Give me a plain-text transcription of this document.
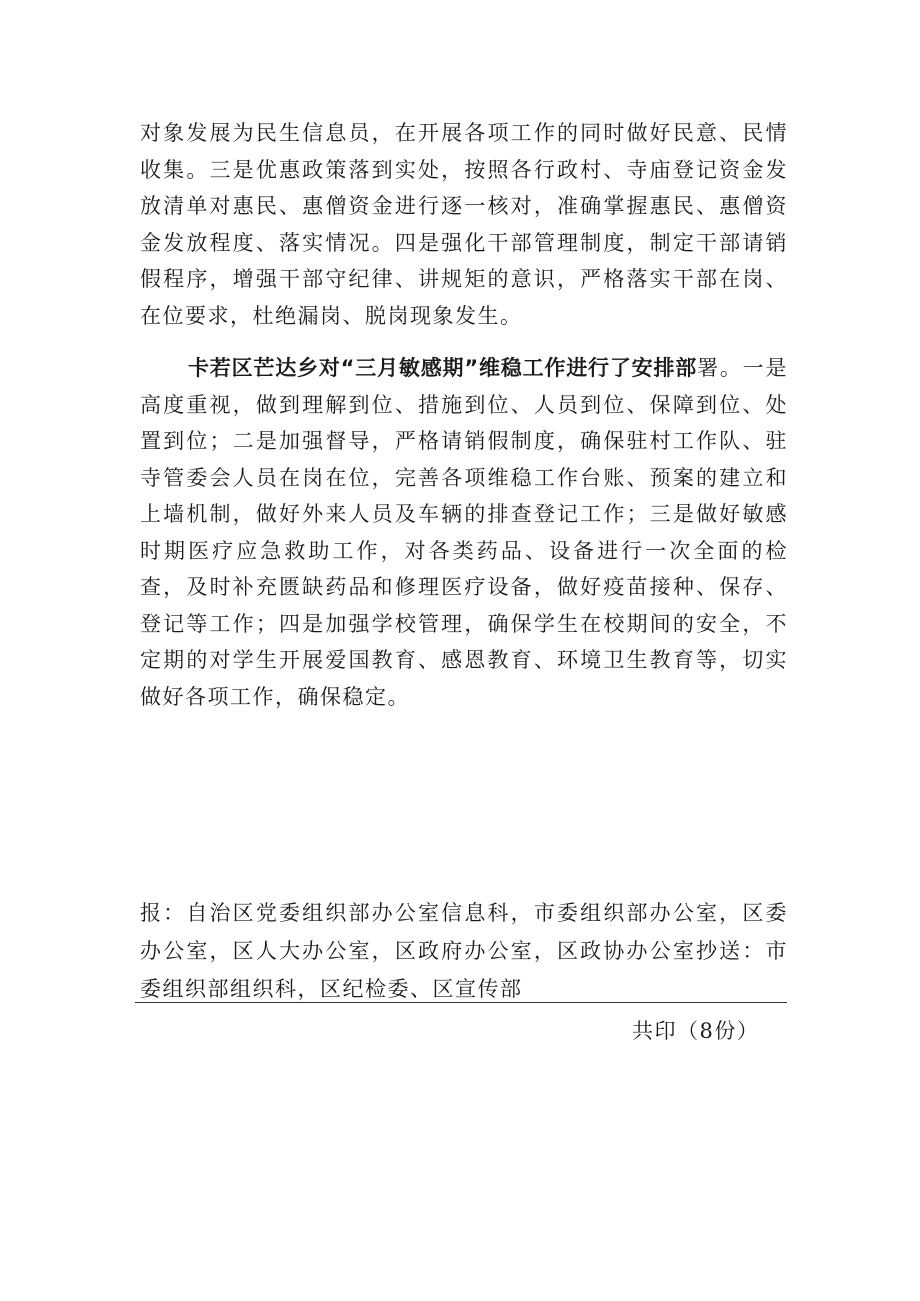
对象发展为民生信息员，在开展各项工作的同时做好民意、民情收集。三是优惠政策落到实处，按照各行政村、寺庙登记资金发放清单对惠民、惠僧资金进行逐一核对，准确掌握惠民、惠僧资金发放程度、落实情况。四是强化干部管理制度，制定干部请销假程序，增强干部守纪律、讲规矩的意识，严格落实干部在岗、在位要求，杜绝漏岗、脱岗现象发生。

卡若区芒达乡对“三月敏感期”维稳工作进行了安排部署。一是高度重视，做到理解到位、措施到位、人员到位、保障到位、处置到位；二是加强督导，严格请销假制度，确保驻村工作队、驻寺管委会人员在岗在位，完善各项维稳工作台账、预案的建立和上墙机制，做好外来人员及车辆的排查登记工作；三是做好敏感时期医疗应急救助工作，对各类药品、设备进行一次全面的检查，及时补充匮缺药品和修理医疗设备，做好疫苗接种、保存、登记等工作；四是加强学校管理，确保学生在校期间的安全，不定期的对学生开展爱国教育、感恩教育、环境卫生教育等，切实做好各项工作，确保稳定。

报：自治区党委组织部办公室信息科，市委组织部办公室，区委办公室，区人大办公室，区政府办公室，区政协办公室抄送：市委组织部组织科，区纪检委、区宣传部

共印（8份）
